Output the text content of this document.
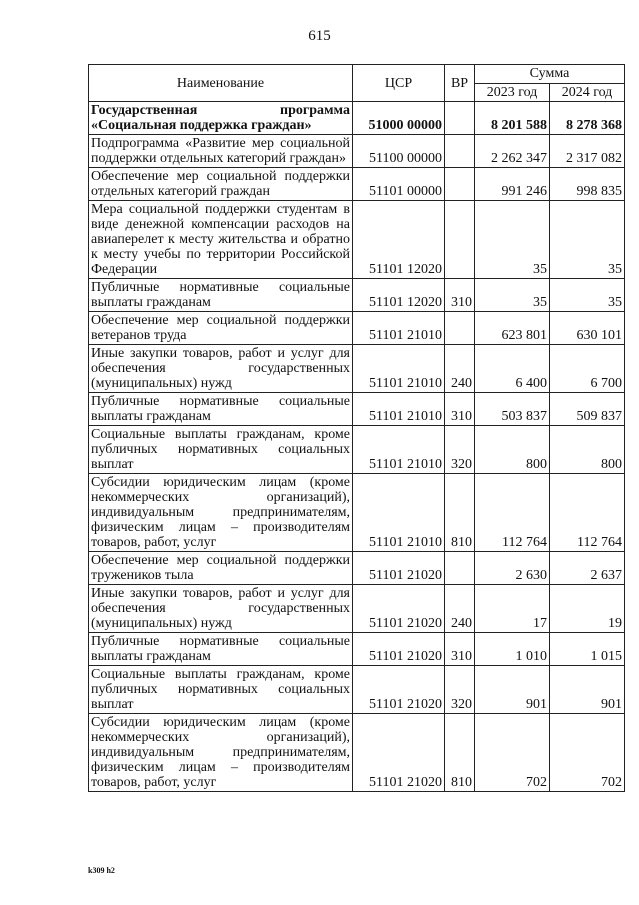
615
Наименование	ЦСР	ВР	Сумма	
			2023 год	2024 год
Государственная программа «Социальная поддержка граждан»	51000 00000		8 201 588	8 278 368
Подпрограмма «Развитие мер социальной поддержки отдельных категорий граждан»	51100 00000		2 262 347	2 317 082
Обеспечение мер социальной поддержки отдельных категорий граждан	51101 00000		991 246	998 835
Мера социальной поддержки студентам в виде денежной компенсации расходов на авиаперелет к месту жительства и обратно к месту учебы по территории Российской Федерации	51101 12020		35	35
Публичные нормативные социальные выплаты гражданам	51101 12020	310	35	35
Обеспечение мер социальной поддержки ветеранов труда	51101 21010		623 801	630 101
Иные закупки товаров, работ и услуг для обеспечения государственных (муниципальных) нужд	51101 21010	240	6 400	6 700
Публичные нормативные социальные выплаты гражданам	51101 21010	310	503 837	509 837
Социальные выплаты гражданам, кроме публичных нормативных социальных выплат	51101 21010	320	800	800
Субсидии юридическим лицам (кроме некоммерческих организаций), индивидуальным предпринимателям, физическим лицам – производителям товаров, работ, услуг	51101 21010	810	112 764	112 764
Обеспечение мер социальной поддержки тружеников тыла	51101 21020		2 630	2 637
Иные закупки товаров, работ и услуг для обеспечения государственных (муниципальных) нужд	51101 21020	240	17	19
Публичные нормативные социальные выплаты гражданам	51101 21020	310	1 010	1 015
Социальные выплаты гражданам, кроме публичных нормативных социальных выплат	51101 21020	320	901	901
Субсидии юридическим лицам (кроме некоммерческих организаций), индивидуальным предпринимателям, физическим лицам – производителям товаров, работ, услуг	51101 21020	810	702	702
k309 h2
